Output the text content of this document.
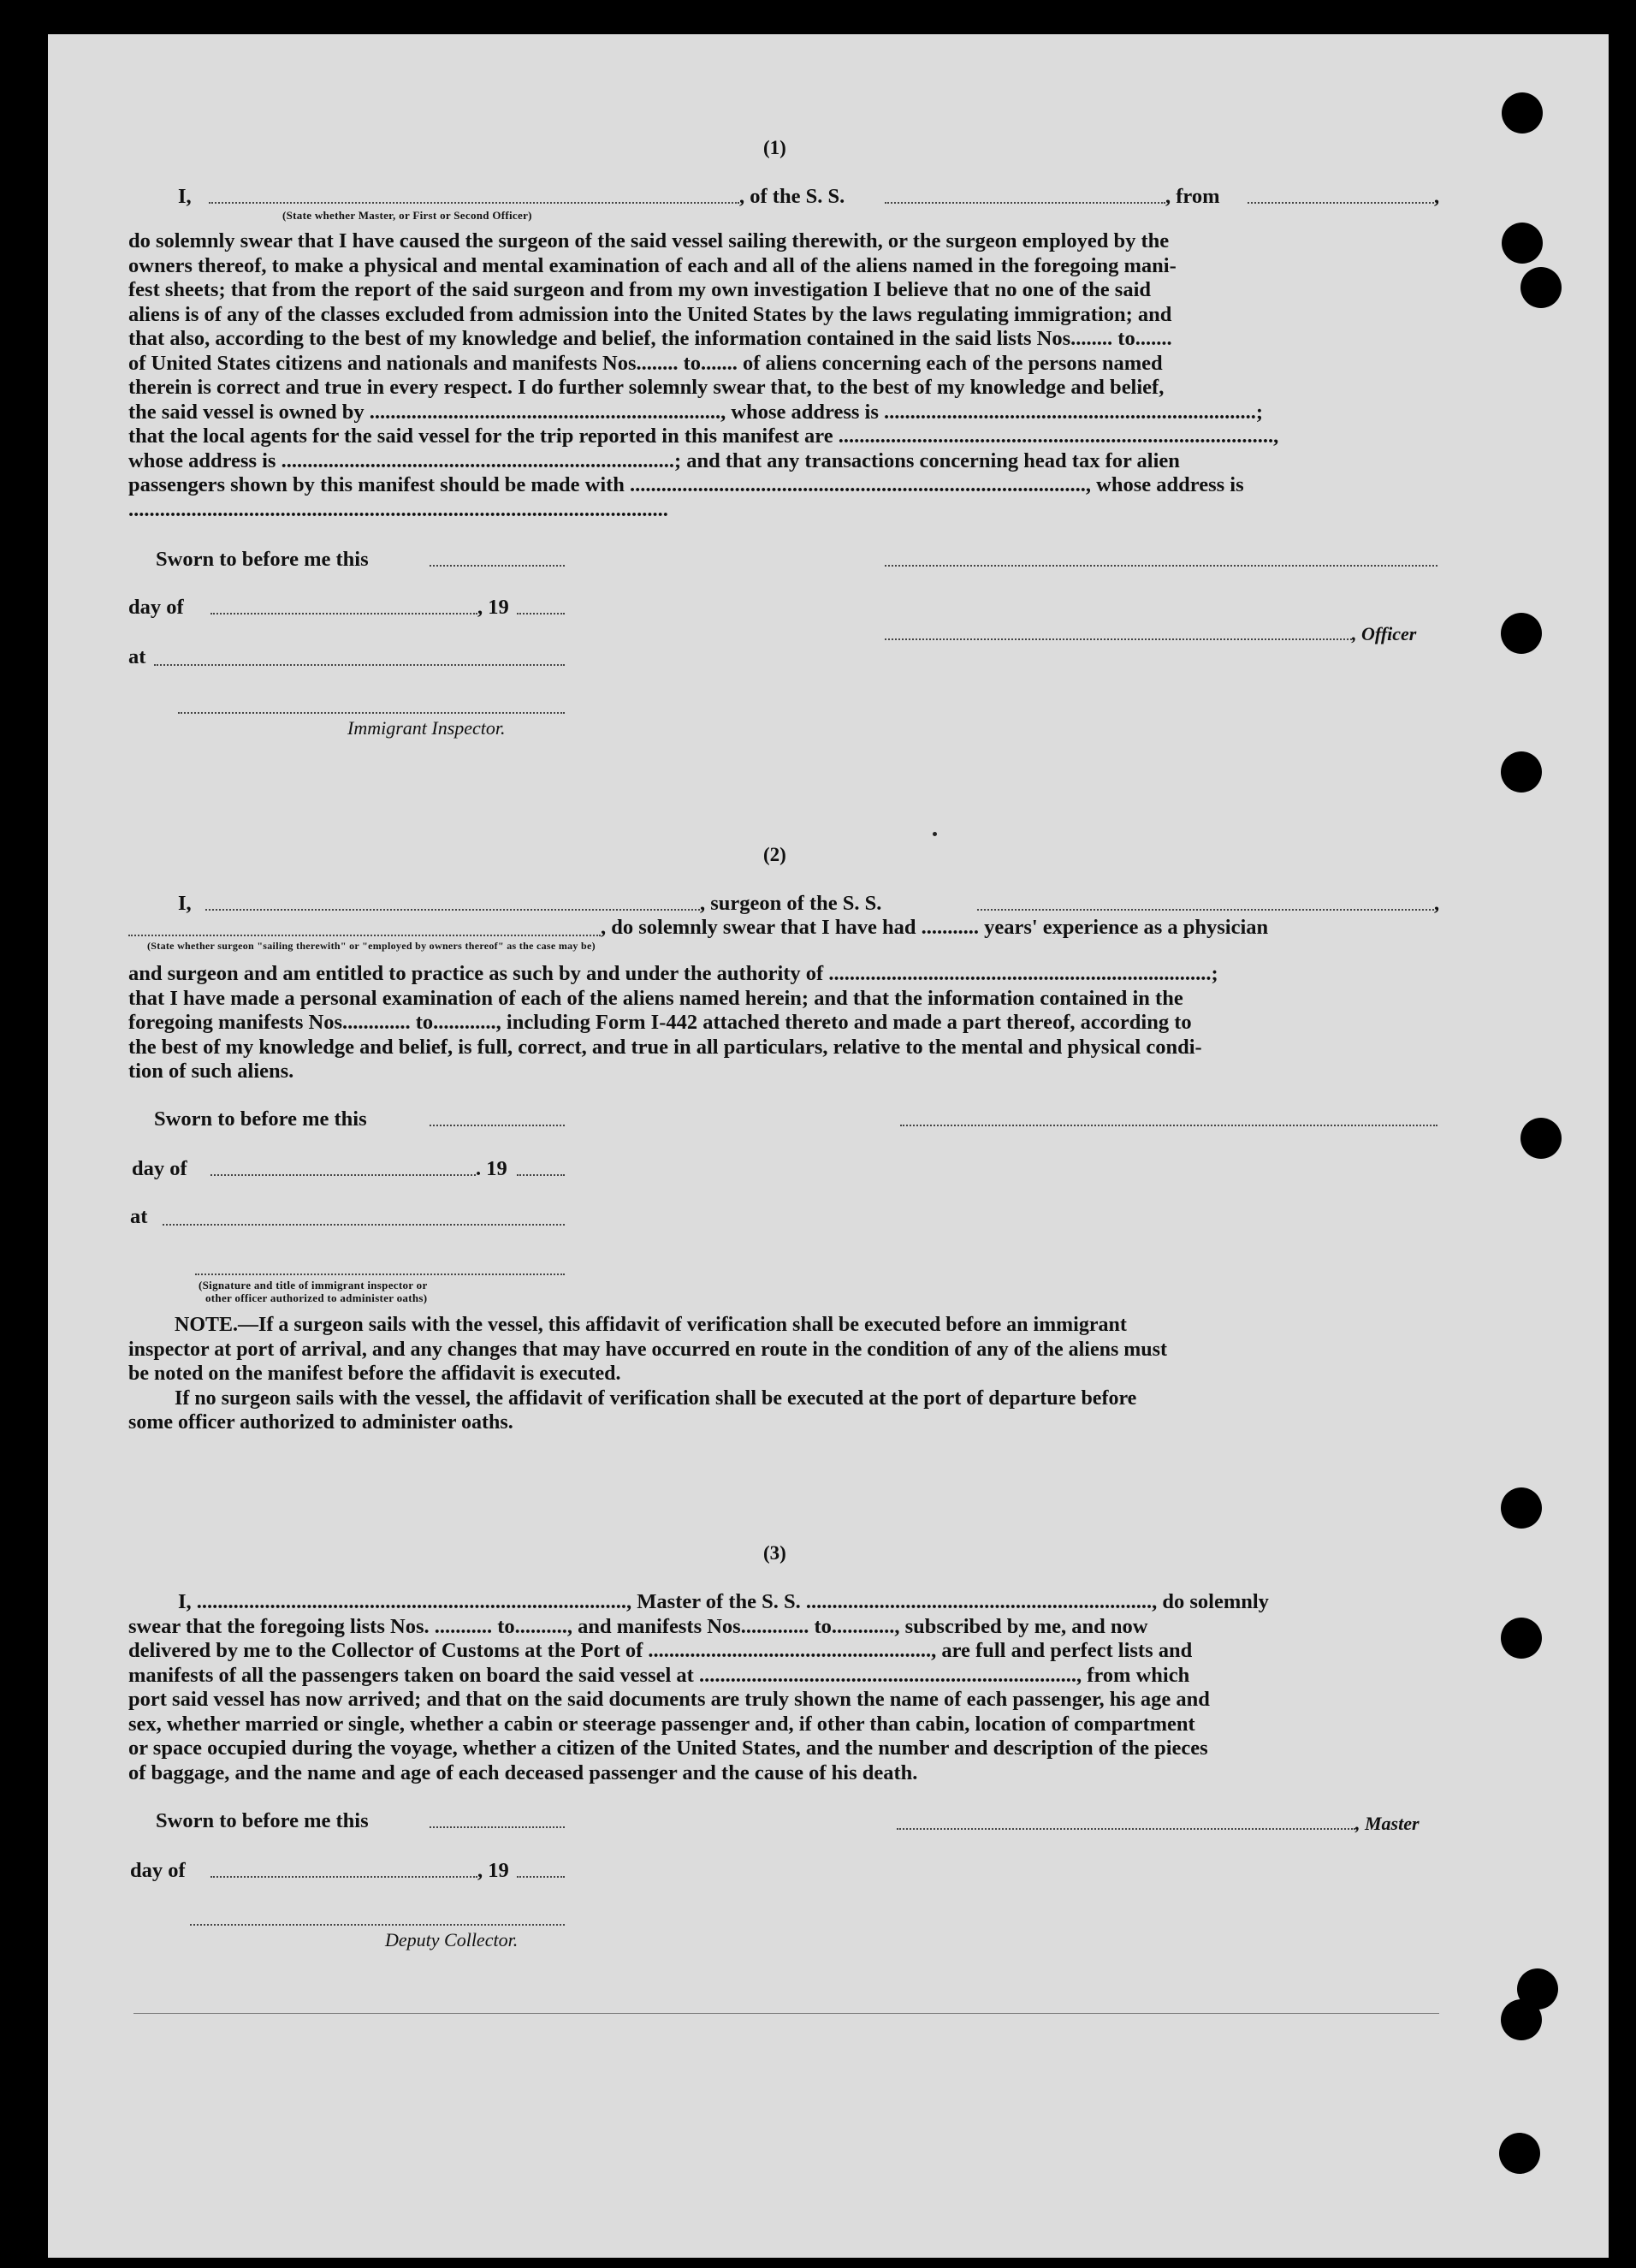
(1)
I,	, of the S. S.	, from	,
(State whether Master, or First or Second Officer)
do solemnly swear that I have caused the surgeon of the said vessel sailing therewith, or the surgeon employed by the
owners thereof, to make a physical and mental examination of each and all of the aliens named in the foregoing mani-
fest sheets; that from the report of the said surgeon and from my own investigation I believe that no one of the said
aliens is of any of the classes excluded from admission into the United States by the laws regulating immigration; and
that also, according to the best of my knowledge and belief, the information contained in the said lists Nos........ to.......
of United States citizens and nationals and manifests Nos........ to....... of aliens concerning each of the persons named
therein is correct and true in every respect. I do further solemnly swear that, to the best of my knowledge and belief,
the said vessel is owned by ..................................................................., whose address is .......................................................................;
that the local agents for the said vessel for the trip reported in this manifest are ...................................................................................,
whose address is ...........................................................................; and that any transactions concerning head tax for alien
passengers shown by this manifest should be made with ......................................................................................., whose address is
.......................................................................................................
Sworn to before me this
day of	, 19
, Officer
at
Immigrant Inspector.
(2)
I,	, surgeon of the S. S.	,
, do solemnly swear that I have had ........... years' experience as a physician
(State whether surgeon "sailing therewith" or "employed by owners thereof" as the case may be)
and surgeon and am entitled to practice as such by and under the authority of .........................................................................;
that I have made a personal examination of each of the aliens named herein; and that the information contained in the
foregoing manifests Nos............. to............, including Form I-442 attached thereto and made a part thereof, according to
the best of my knowledge and belief, is full, correct, and true in all particulars, relative to the mental and physical condi-
tion of such aliens.
Sworn to before me this
day of	. 19
at
(Signature and title of immigrant inspector or
other officer authorized to administer oaths)
NOTE.—If a surgeon sails with the vessel, this affidavit of verification shall be executed before an immigrant
inspector at port of arrival, and any changes that may have occurred en route in the condition of any of the aliens must
be noted on the manifest before the affidavit is executed.
If no surgeon sails with the vessel, the affidavit of verification shall be executed at the port of departure before
some officer authorized to administer oaths.
(3)
I, .................................................................................., Master of the S. S. .................................................................., do solemnly
swear that the foregoing lists Nos. ........... to.........., and manifests Nos............. to............, subscribed by me, and now
delivered by me to the Collector of Customs at the Port of ......................................................, are full and perfect lists and
manifests of all the passengers taken on board the said vessel at ........................................................................, from which
port said vessel has now arrived; and that on the said documents are truly shown the name of each passenger, his age and
sex, whether married or single, whether a cabin or steerage passenger and, if other than cabin, location of compartment
or space occupied during the voyage, whether a citizen of the United States, and the number and description of the pieces
of baggage, and the name and age of each deceased passenger and the cause of his death.
Sworn to before me this	, Master
day of	, 19
Deputy Collector.
